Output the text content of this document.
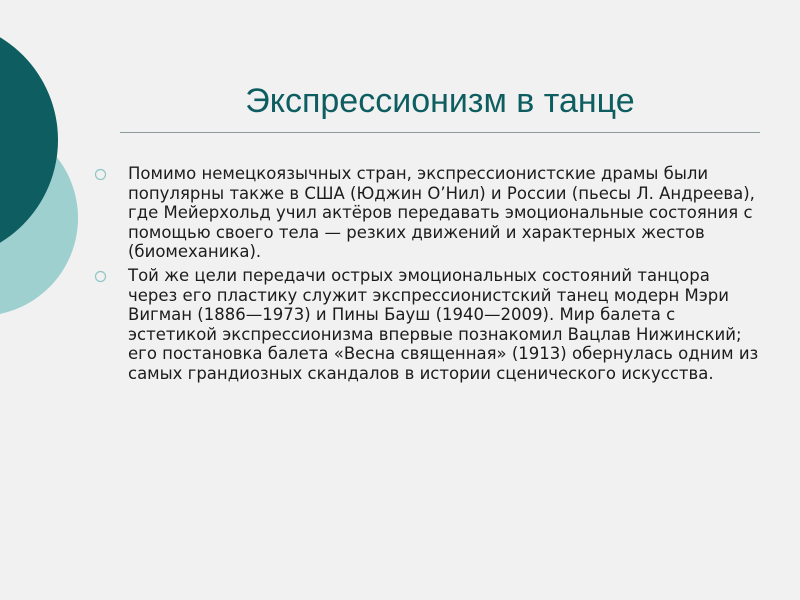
Экспрессионизм в танце
Помимо немецкоязычных стран, экспрессионистские драмы были популярны также в США (Юджин О’Нил) и России (пьесы Л. Андреева), где Мейерхольд учил актёров передавать эмоциональные состояния с помощью своего тела — резких движений и характерных жестов (биомеханика).
Той же цели передачи острых эмоциональных состояний танцора через его пластику служит экспрессионистский танец модерн Мэри Вигман (1886—1973) и Пины Бауш (1940—2009). Мир балета с эстетикой экспрессионизма впервые познакомил Вацлав Нижинский; его постановка балета «Весна священная» (1913) обернулась одним из самых грандиозных скандалов в истории сценического искусства.
